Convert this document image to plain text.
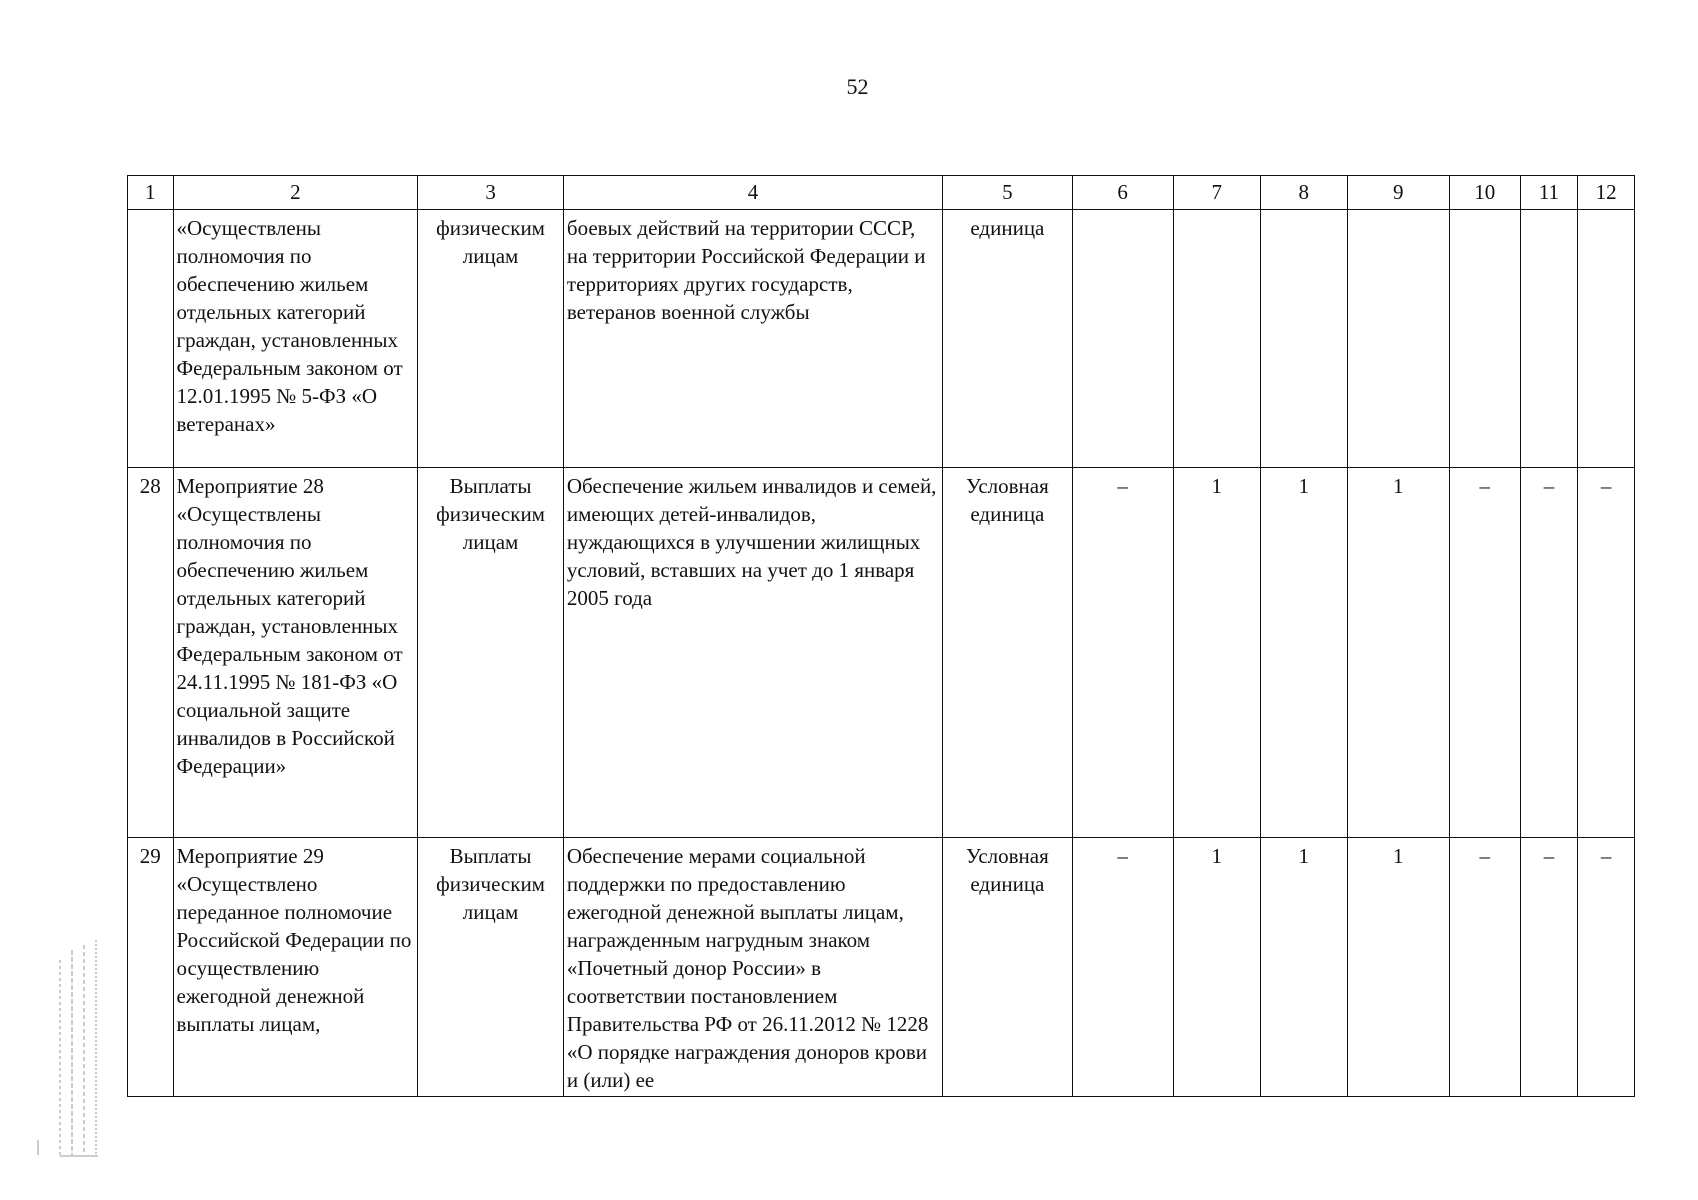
52
1	2	3	4	5	6	7	8	9	10	11	12
	«Осуществлены полномочия по обеспечению жильем отдельных категорий граждан, установленных Федеральным законом от 12.01.1995 № 5-ФЗ «О ветеранах»	физическим лицам	боевых действий на территории СССР, на территории Российской Федерации и территориях других государств, ветеранов военной службы	единица							
28	Мероприятие 28 «Осуществлены полномочия по обеспечению жильем отдельных категорий граждан, установленных Федеральным законом от 24.11.1995 № 181-ФЗ «О социальной защите инвалидов в Российской Федерации»	Выплаты физическим лицам	Обеспечение жильем инвалидов и семей, имеющих детей-инвалидов, нуждающихся в улучшении жилищных условий, вставших на учет до 1 января 2005 года	Условная единица	–	1	1	1	–	–	–
29	Мероприятие 29 «Осуществлено переданное полномочие Российской Федерации по осуществлению ежегодной денежной выплаты лицам,	Выплаты физическим лицам	Обеспечение мерами социальной поддержки по предоставлению ежегодной денежной выплаты лицам, награжденным нагрудным знаком «Почетный донор России» в соответствии постановлением Правительства РФ от 26.11.2012 № 1228 «О порядке награждения доноров крови и (или) ее	Условная единица	–	1	1	1	–	–	–
